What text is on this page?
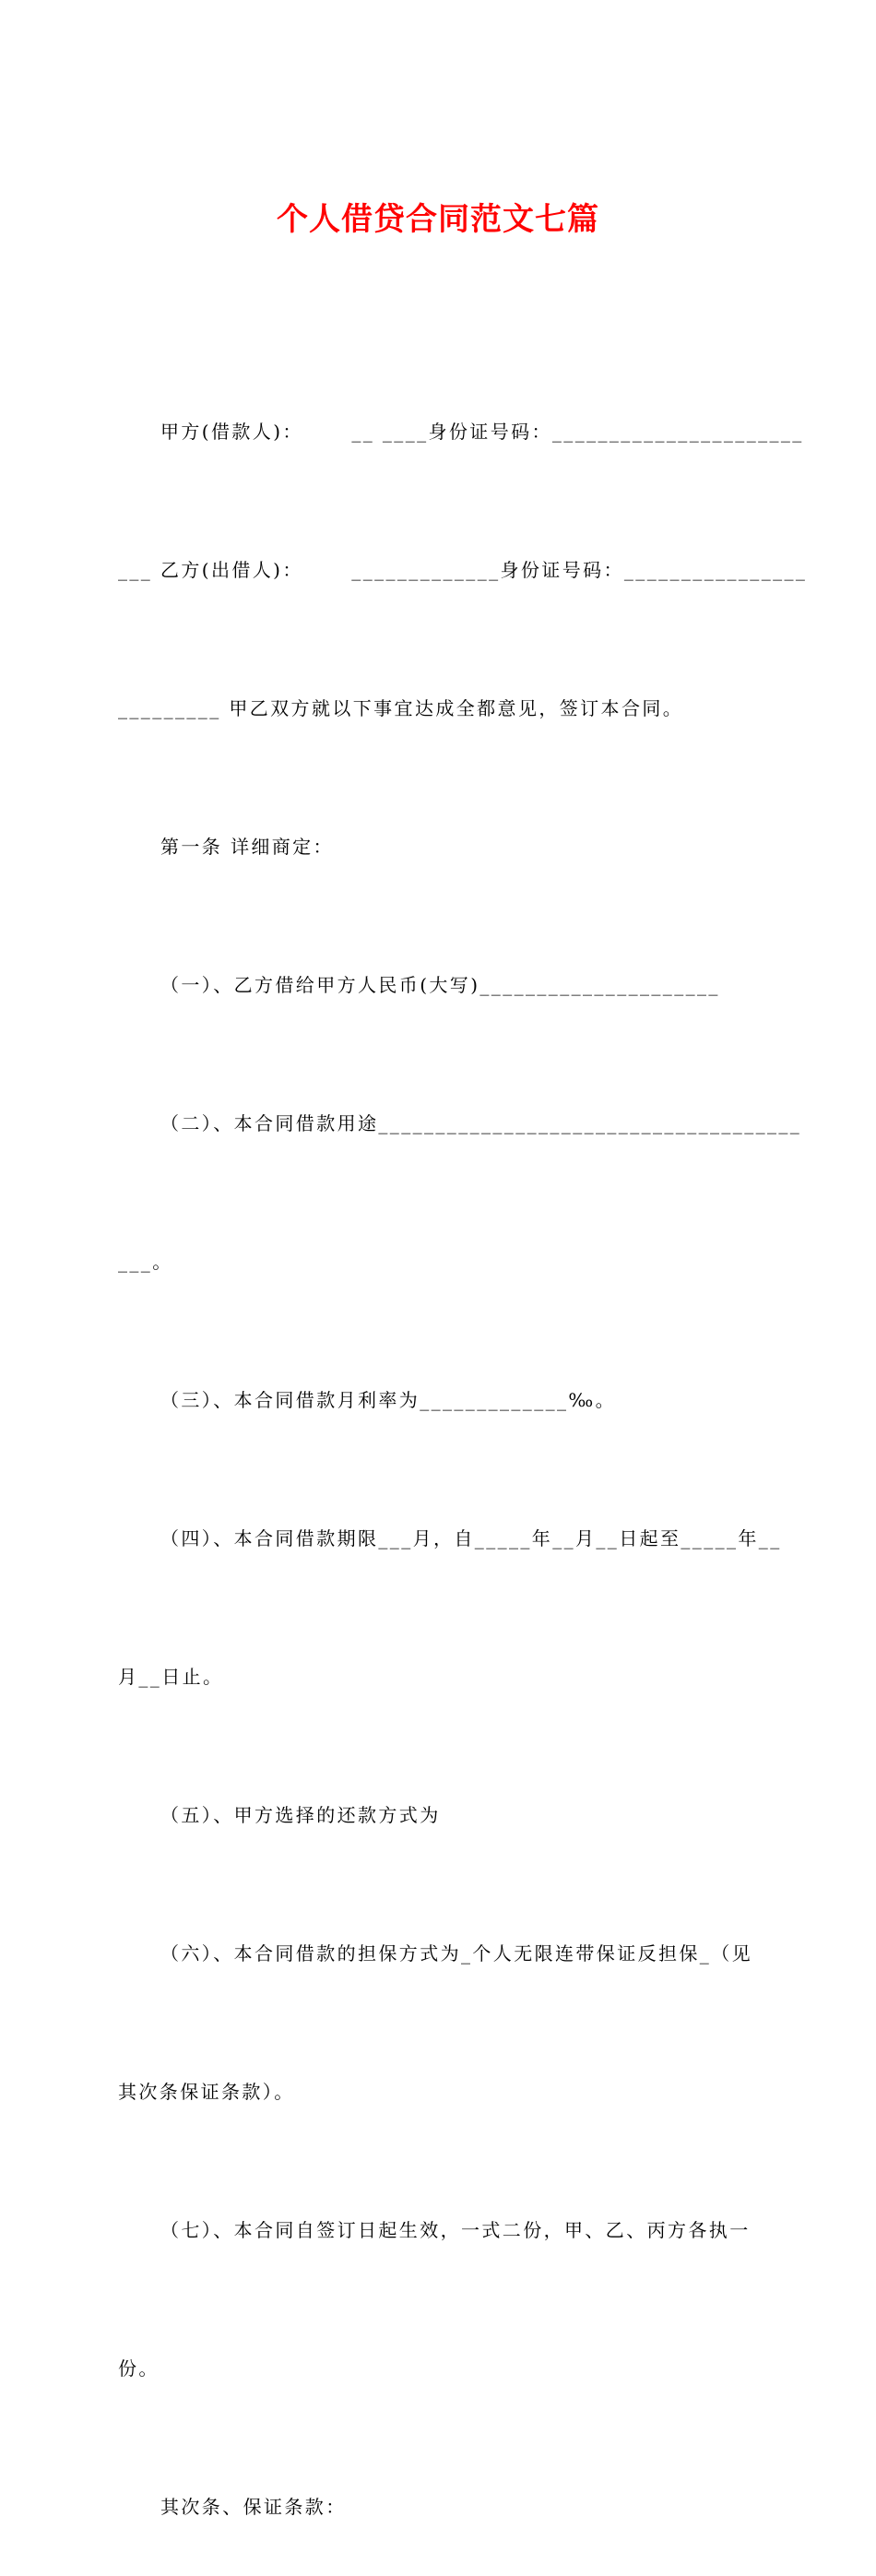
个人借贷合同范文七篇

甲方(借款人)：      __ ____身份证号码：______________________

___ 乙方(出借人)：      _____________身份证号码：________________

_________ 甲乙双方就以下事宜达成全都意见，签订本合同。

第一条 详细商定：

（一）、乙方借给甲方人民币(大写)_____________________

（二）、本合同借款用途_____________________________________

___。

（三）、本合同借款月利率为_____________‰。

（四）、本合同借款期限___月，自_____年__月__日起至_____年__

月__日止。

（五）、甲方选择的还款方式为

（六）、本合同借款的担保方式为_个人无限连带保证反担保_（见

其次条保证条款）。

（七）、本合同自签订日起生效，一式二份，甲、乙、丙方各执一

份。

其次条、保证条款：
